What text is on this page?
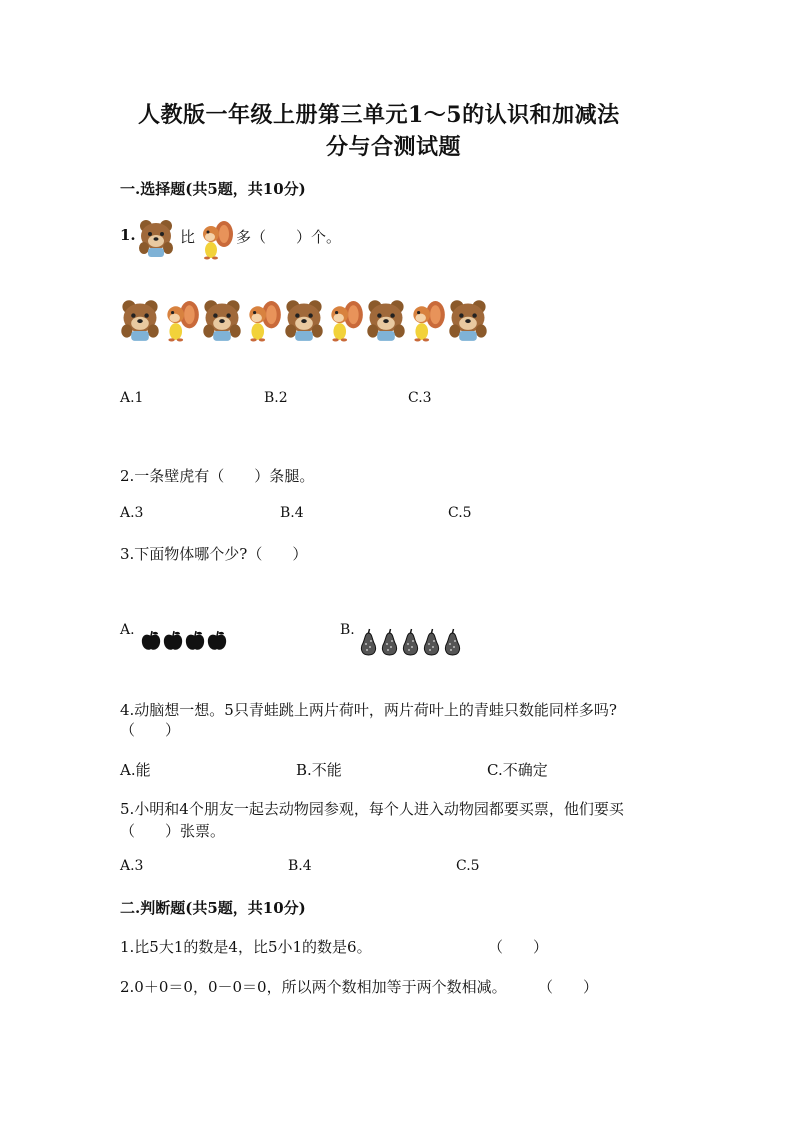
人教版一年级上册第三单元1～5的认识和加减法
分与合测试题
一.选择题(共5题，共10分)
1.	比	多（　　）个。
A.1	B.2	C.3
2.一条壁虎有（　　）条腿。
A.3	B.4	C.5
3.下面物体哪个少?（　　）
A.	B.
4.动脑想一想。5只青蛙跳上两片荷叶，两片荷叶上的青蛙只数能同样多吗?
（　　）
A.能	B.不能	C.不确定
5.小明和4个朋友一起去动物园参观，每个人进入动物园都要买票，他们要买
（　　）张票。
A.3	B.4	C.5
二.判断题(共5题，共10分)
1.比5大1的数是4，比5小1的数是6。	（　　）
2.0＋0＝0，0－0＝0，所以两个数相加等于两个数相减。 （　　）
